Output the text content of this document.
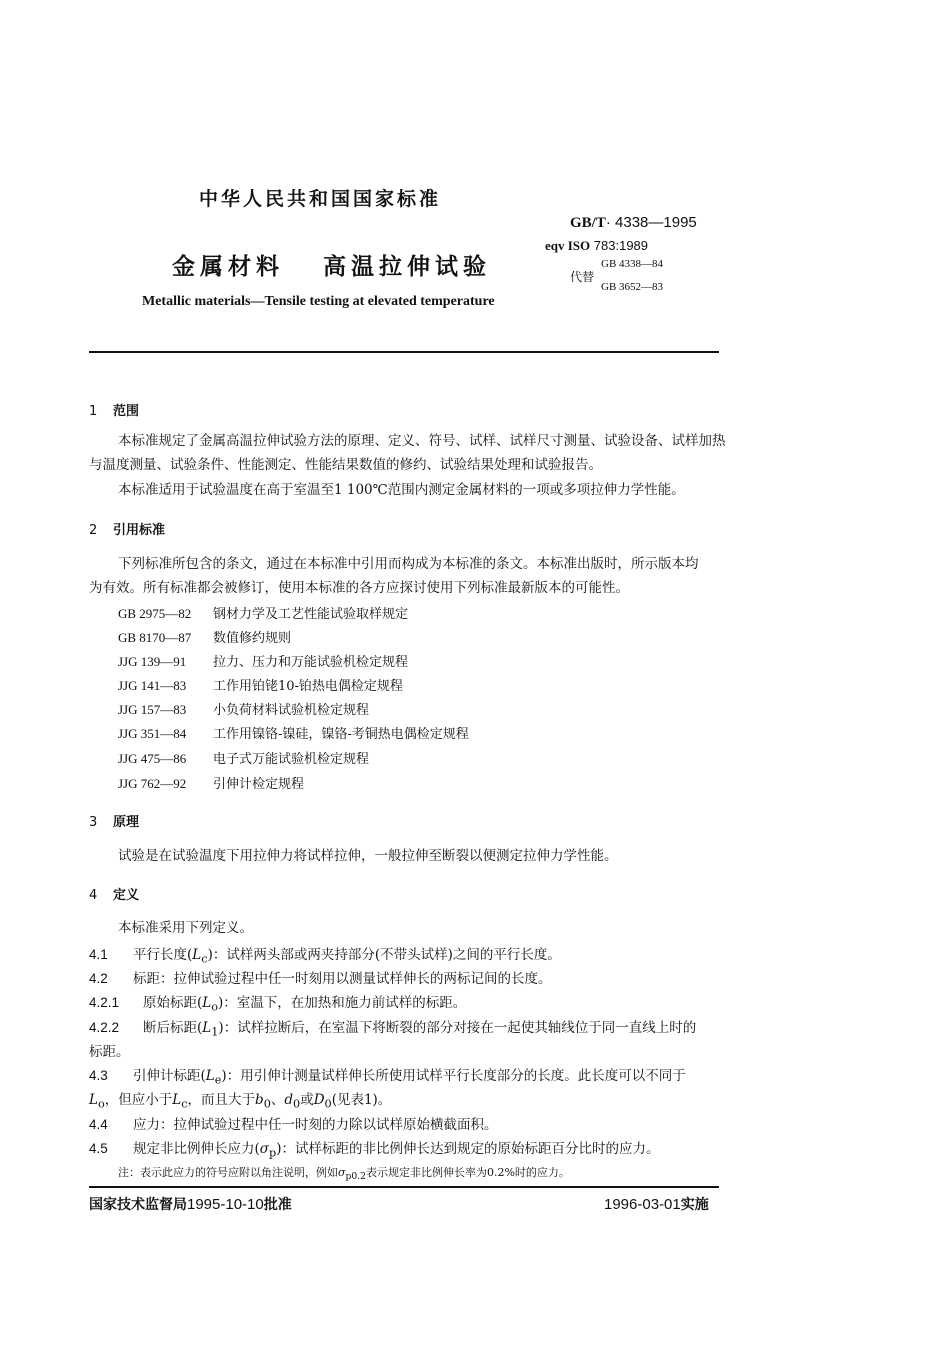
中华人民共和国国家标准
GB/T· 4338—1995
eqv ISO 783:1989
金属材料 高温拉伸试验	代替
GB 4338—84
GB 3652—83
Metallic materials—Tensile testing at elevated temperature
1 范围
本标准规定了金属高温拉伸试验方法的原理、定义、符号、试样、试样尺寸测量、试验设备、试样加热
与温度测量、试验条件、性能测定、性能结果数值的修约、试验结果处理和试验报告。
本标准适用于试验温度在高于室温至1 100℃范围内测定金属材料的一项或多项拉伸力学性能。
2 引用标准
下列标准所包含的条文，通过在本标准中引用而构成为本标准的条文。本标准出版时，所示版本均
为有效。所有标准都会被修订，使用本标准的各方应探讨使用下列标准最新版本的可能性。
GB 2975—82 钢材力学及工艺性能试验取样规定
GB 8170—87 数值修约规则
JJG 139—91 拉力、压力和万能试验机检定规程
JJG 141—83 工作用铂铑10-铂热电偶检定规程
JJG 157—83 小负荷材料试验机检定规程
JJG 351—84 工作用镍铬-镍硅，镍铬-考铜热电偶检定规程
JJG 475—86 电子式万能试验机检定规程
JJG 762—92 引伸计检定规程
3 原理
试验是在试验温度下用拉伸力将试样拉伸，一般拉伸至断裂以便测定拉伸力学性能。
4 定义
本标准采用下列定义。
4.1 平行长度$(L_c)$：试样两头部或两夹持部分(不带头试样)之间的平行长度。
4.2 标距：拉伸试验过程中任一时刻用以测量试样伸长的两标记间的长度。
4.2.1 原始标距$(L_o)$：室温下，在加热和施力前试样的标距。
4.2.2 断后标距$(L_1)$：试样拉断后，在室温下将断裂的部分对接在一起使其轴线位于同一直线上时的
标距。
4.3 引伸计标距$(L_e)$：用引伸计测量试样伸长所使用试样平行长度部分的长度。此长度可以不同于
$L_o$，但应小于$L_c$，而且大于$b_0$、$d_0$或$D_0$(见表1)。
4.4 应力：拉伸试验过程中任一时刻的力除以试样原始横截面积。
4.5 规定非比例伸长应力$(\sigma_p)$：试样标距的非比例伸长达到规定的原始标距百分比时的应力。
注：表示此应力的符号应附以角注说明，例如$\sigma_{p0.2}$表示规定非比例伸长率为0.2%时的应力。
国家技术监督局1995-10-10批准	1996-03-01实施
